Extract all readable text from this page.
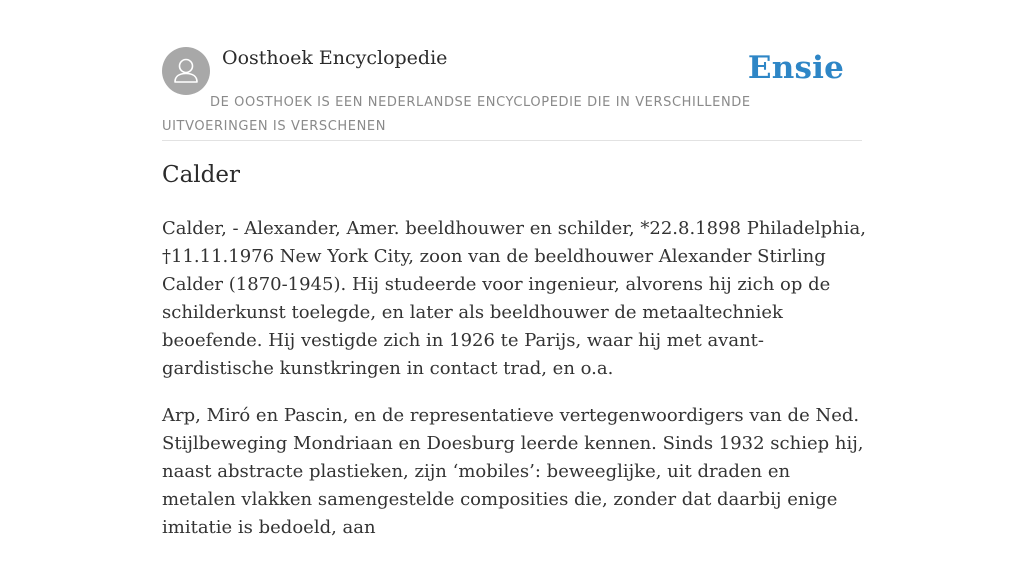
Oosthoek Encyclopedie	Ensie
DE OOSTHOEK IS EEN NEDERLANDSE ENCYCLOPEDIE DIE IN VERSCHILLENDE UITVOERINGEN IS VERSCHENEN
Calder

Calder, - Alexander, Amer. beeldhouwer en schilder, *22.8.1898 Philadelphia, †11.11.1976 New York City, zoon van de beeldhouwer Alexander Stirling Calder (1870-1945). Hij studeerde voor ingenieur, alvorens hij zich op de schilderkunst toelegde, en later als beeldhouwer de metaaltechniek beoefende. Hij vestigde zich in 1926 te Parijs, waar hij met avant-gardistische kunstkringen in contact trad, en o.a.

Arp, Miró en Pascin, en de representatieve vertegenwoordigers van de Ned. Stijlbeweging Mondriaan en Doesburg leerde kennen. Sinds 1932 schiep hij, naast abstracte plastieken, zijn ‘mobiles’: beweeglijke, uit draden en metalen vlakken samengestelde composities die, zonder dat daarbij enige imitatie is bedoeld, aan
